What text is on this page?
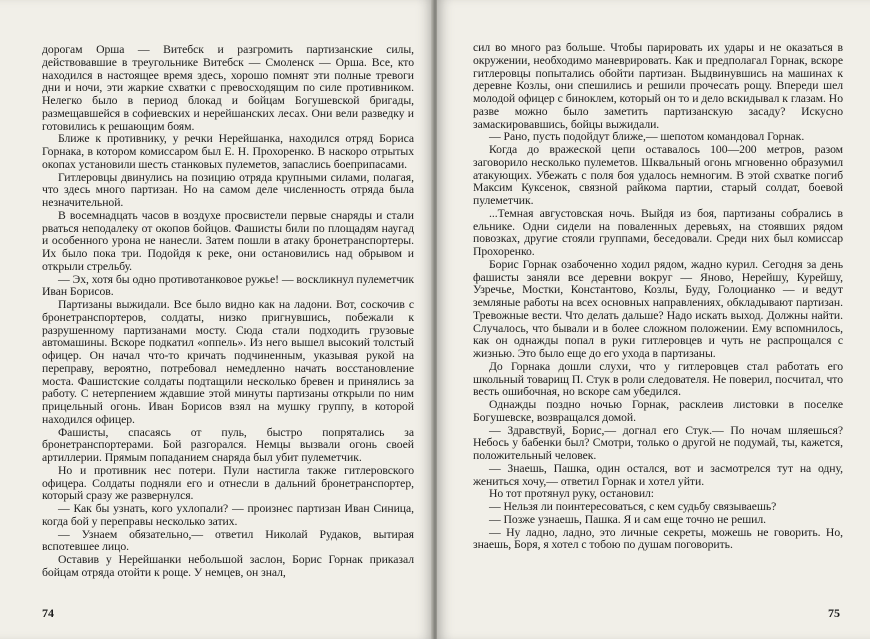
дорогам Орша — Витебск и разгромить партизанские силы, действовавшие в треугольнике Витебск — Смоленск — Орша. Все, кто находился в настоящее время здесь, хорошо помнят эти полные тревоги дни и ночи, эти жаркие схватки с превосходящим по силе противником. Нелегко было в период блокад и бойцам Богушевской бригады, размещавшейся в софиевских и нерейшанских лесах. Они вели разведку и готовились к решающим боям.

Ближе к противнику, у речки Нерейшанка, находился отряд Бориса Горнака, в котором комиссаром был Е. Н. Прохоренко. В наскоро отрытых окопах установили шесть станковых пулеметов, запаслись боеприпасами.

Гитлеровцы двинулись на позицию отряда крупными силами, полагая, что здесь много партизан. Но на самом деле численность отряда была незначительной.

В восемнадцать часов в воздухе просвистели первые снаряды и стали рваться неподалеку от окопов бойцов. Фашисты били по площадям наугад и особенного урона не нанесли. Затем пошли в атаку бронетранспортеры. Их было пока три. Подойдя к реке, они остановились над обрывом и открыли стрельбу.

— Эх, хотя бы одно противотанковое ружье! — воскликнул пулеметчик Иван Борисов.

Партизаны выжидали. Все было видно как на ладони. Вот, соскочив с бронетранспортеров, солдаты, низко пригнувшись, побежали к разрушенному партизанами мосту. Сюда стали подходить грузовые автомашины. Вскоре подкатил «оппель». Из него вышел высокий толстый офицер. Он начал что-то кричать подчиненным, указывая рукой на переправу, вероятно, потребовал немедленно начать восстановление моста. Фашистские солдаты подтащили несколько бревен и принялись за работу. С нетерпением ждавшие этой минуты партизаны открыли по ним прицельный огонь. Иван Борисов взял на мушку группу, в которой находился офицер.

Фашисты, спасаясь от пуль, быстро попрятались за бронетранспортерами. Бой разгорался. Немцы вызвали огонь своей артиллерии. Прямым попаданием снаряда был убит пулеметчик.

Но и противник нес потери. Пули настигла также гитлеровского офицера. Солдаты подняли его и отнесли в дальний бронетранспортер, который сразу же развернулся.

— Как бы узнать, кого ухлопали? — произнес партизан Иван Синица, когда бой у переправы несколько затих.

— Узнаем обязательно,— ответил Николай Рудаков, вытирая вспотевшее лицо.

Оставив у Нерейшанки небольшой заслон, Борис Горнак приказал бойцам отряда отойти к роще. У немцев, он знал,

74

сил во много раз больше. Чтобы парировать их удары и не оказаться в окружении, необходимо маневрировать. Как и предполагал Горнак, вскоре гитлеровцы попытались обойти партизан. Выдвинувшись на машинах к деревне Козлы, они спешились и решили прочесать рощу. Впереди шел молодой офицер с биноклем, который он то и дело вскидывал к глазам. Но разве можно было заметить партизанскую засаду? Искусно замаскировавшись, бойцы выжидали.

— Рано, пусть подойдут ближе,— шепотом командовал Горнак.

Когда до вражеской цепи оставалось 100—200 метров, разом заговорило несколько пулеметов. Шквальный огонь мгновенно образумил атакующих. Убежать с поля боя удалось немногим. В этой схватке погиб Максим Куксенок, связной райкома партии, старый солдат, боевой пулеметчик.

...Темная августовская ночь. Выйдя из боя, партизаны собрались в ельнике. Одни сидели на поваленных деревьях, на стоявших рядом повозках, другие стояли группами, беседовали. Среди них был комиссар Прохоренко.

Борис Горнак озабоченно ходил рядом, жадно курил. Сегодня за день фашисты заняли все деревни вокруг — Яново, Нерейшу, Курейшу, Узречье, Мостки, Константово, Козлы, Буду, Голоцианко — и ведут земляные работы на всех основных направлениях, обкладывают партизан. Тревожные вести. Что делать дальше? Надо искать выход. Должны найти. Случалось, что бывали и в более сложном положении. Ему вспомнилось, как он однажды попал в руки гитлеровцев и чуть не распрощался с жизнью. Это было еще до его ухода в партизаны.

До Горнака дошли слухи, что у гитлеровцев стал работать его школьный товарищ П. Стук в роли следователя. Не поверил, посчитал, что весть ошибочная, но вскоре сам убедился.

Однажды поздно ночью Горнак, расклеив листовки в поселке Богушевске, возвращался домой.

— Здравствуй, Борис,— догнал его Стук.— По ночам шляешься? Небось у бабенки был? Смотри, только о другой не подумай, ты, кажется, положительный человек.

— Знаешь, Пашка, один остался, вот и засмотрелся тут на одну, жениться хочу,— ответил Горнак и хотел уйти.

Но тот протянул руку, остановил:

— Нельзя ли поинтересоваться, с кем судьбу связываешь?

— Позже узнаешь, Пашка. Я и сам еще точно не решил.

— Ну ладно, ладно, это личные секреты, можешь не говорить. Но, знаешь, Боря, я хотел с тобою по душам поговорить.

75
